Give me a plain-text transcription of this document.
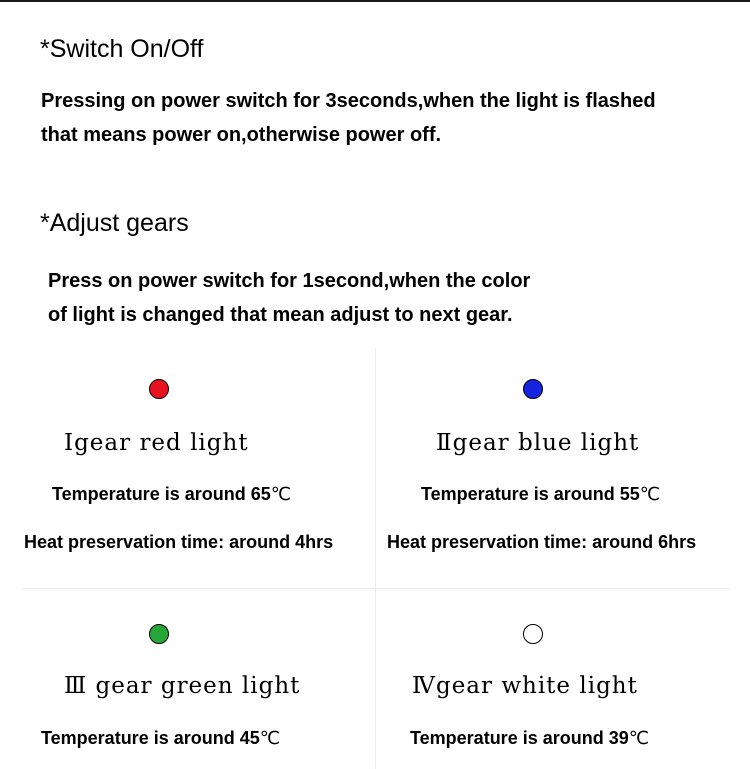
*Switch On/Off

Pressing on power switch for 3seconds,when the light is flashed
that means power on,otherwise power off.

*Adjust gears

Press on power switch for 1second,when the color
of light is changed that mean adjust to next gear.

Ⅰgear red light
Temperature is around 65℃
Heat preservation time: around 4hrs
Ⅱgear blue light
Temperature is around 55℃
Heat preservation time: around 6hrs
Ⅲ gear green light
Temperature is around 45℃
Ⅳgear white light
Temperature is around 39℃
